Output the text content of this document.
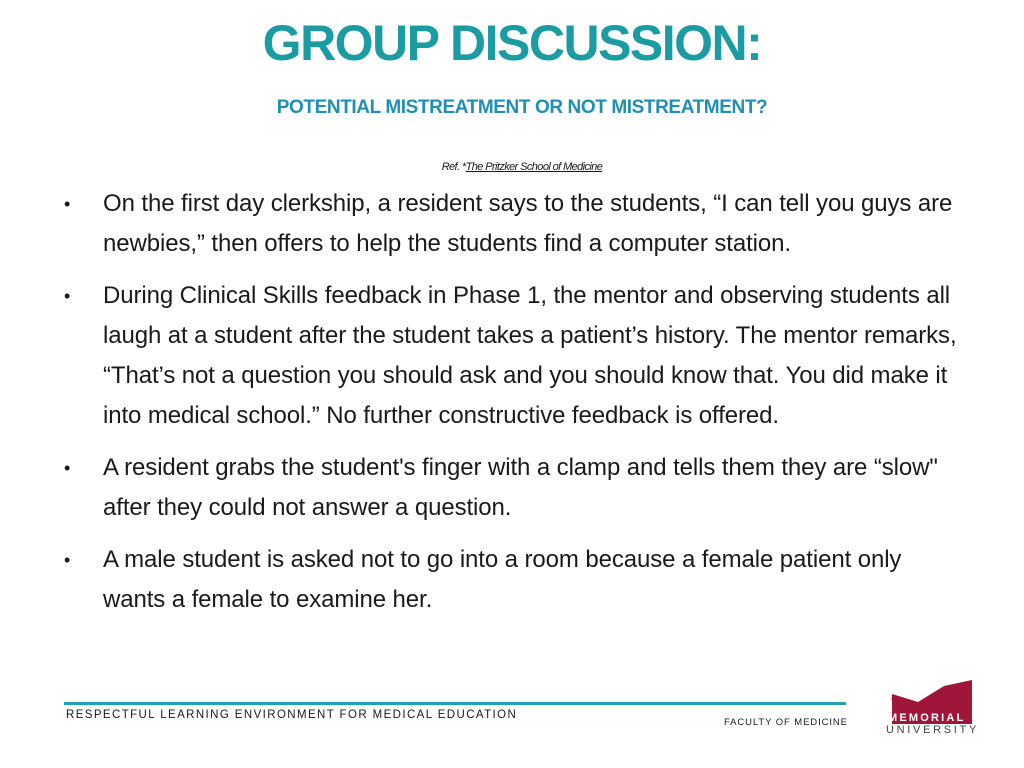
GROUP DISCUSSION:
POTENTIAL MISTREATMENT OR NOT MISTREATMENT?
Ref. *The Pritzker School of Medicine
• On the first day clerkship, a resident says to the students, “I can tell you guys are newbies,” then offers to help the students find a computer station.
• During Clinical Skills feedback in Phase 1, the mentor and observing students all laugh at a student after the student takes a patient’s history. The mentor remarks, “That’s not a question you should ask and you should know that. You did make it into medical school.” No further constructive feedback is offered.
• A resident grabs the student's finger with a clamp and tells them they are “slow" after they could not answer a question.
• A male student is asked not to go into a room because a female patient only wants a female to examine her.
RESPECTFUL LEARNING ENVIRONMENT FOR MEDICAL EDUCATION
FACULTY OF MEDICINE	MEMORIAL
UNIVERSITY
